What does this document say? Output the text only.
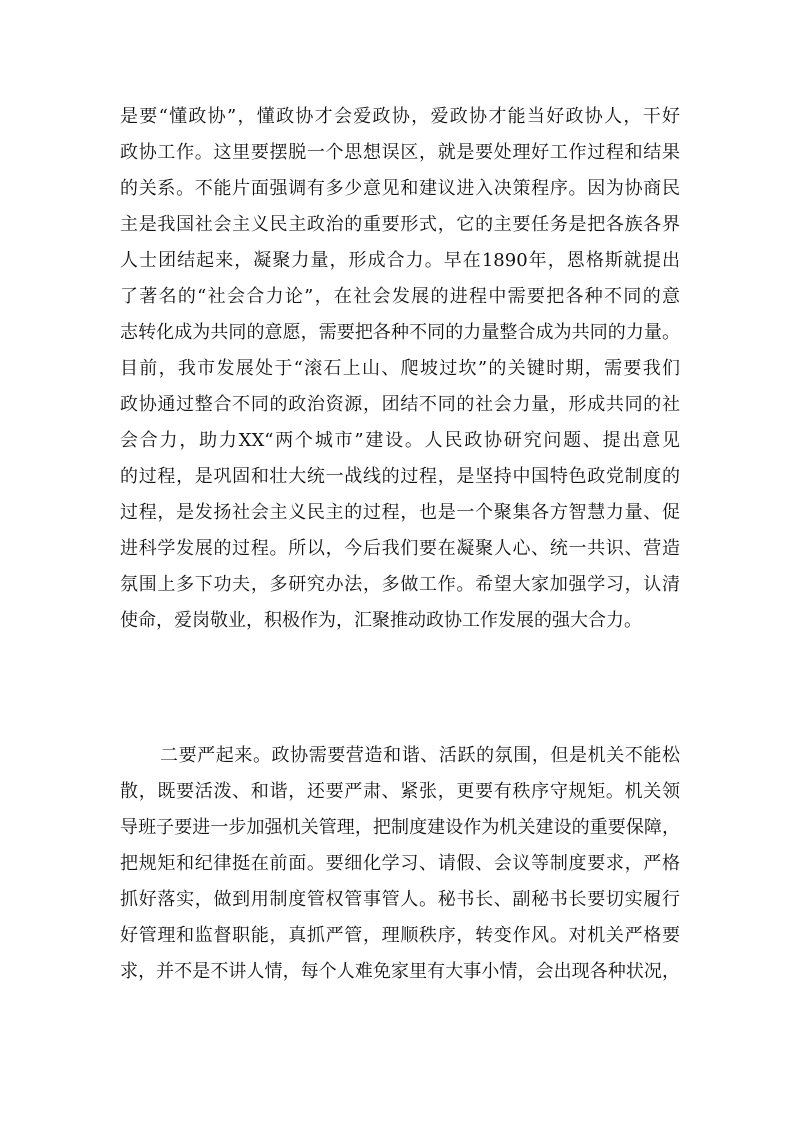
是要“懂政协”，懂政协才会爱政协，爱政协才能当好政协人，干好
政协工作。这里要摆脱一个思想误区，就是要处理好工作过程和结果
的关系。不能片面强调有多少意见和建议进入决策程序。因为协商民
主是我国社会主义民主政治的重要形式，它的主要任务是把各族各界
人士团结起来，凝聚力量，形成合力。早在1890年，恩格斯就提出
了著名的“社会合力论”，在社会发展的进程中需要把各种不同的意
志转化成为共同的意愿，需要把各种不同的力量整合成为共同的力量。
目前，我市发展处于“滚石上山、爬坡过坎”的关键时期，需要我们
政协通过整合不同的政治资源，团结不同的社会力量，形成共同的社
会合力，助力XX“两个城市”建设。人民政协研究问题、提出意见
的过程，是巩固和壮大统一战线的过程，是坚持中国特色政党制度的
过程，是发扬社会主义民主的过程，也是一个聚集各方智慧力量、促
进科学发展的过程。所以，今后我们要在凝聚人心、统一共识、营造
氛围上多下功夫，多研究办法，多做工作。希望大家加强学习，认清
使命，爱岗敬业，积极作为，汇聚推动政协工作发展的强大合力。
二要严起来。政协需要营造和谐、活跃的氛围，但是机关不能松
散，既要活泼、和谐，还要严肃、紧张，更要有秩序守规矩。机关领
导班子要进一步加强机关管理，把制度建设作为机关建设的重要保障，
把规矩和纪律挺在前面。要细化学习、请假、会议等制度要求，严格
抓好落实，做到用制度管权管事管人。秘书长、副秘书长要切实履行
好管理和监督职能，真抓严管，理顺秩序，转变作风。对机关严格要
求，并不是不讲人情，每个人难免家里有大事小情，会出现各种状况，
